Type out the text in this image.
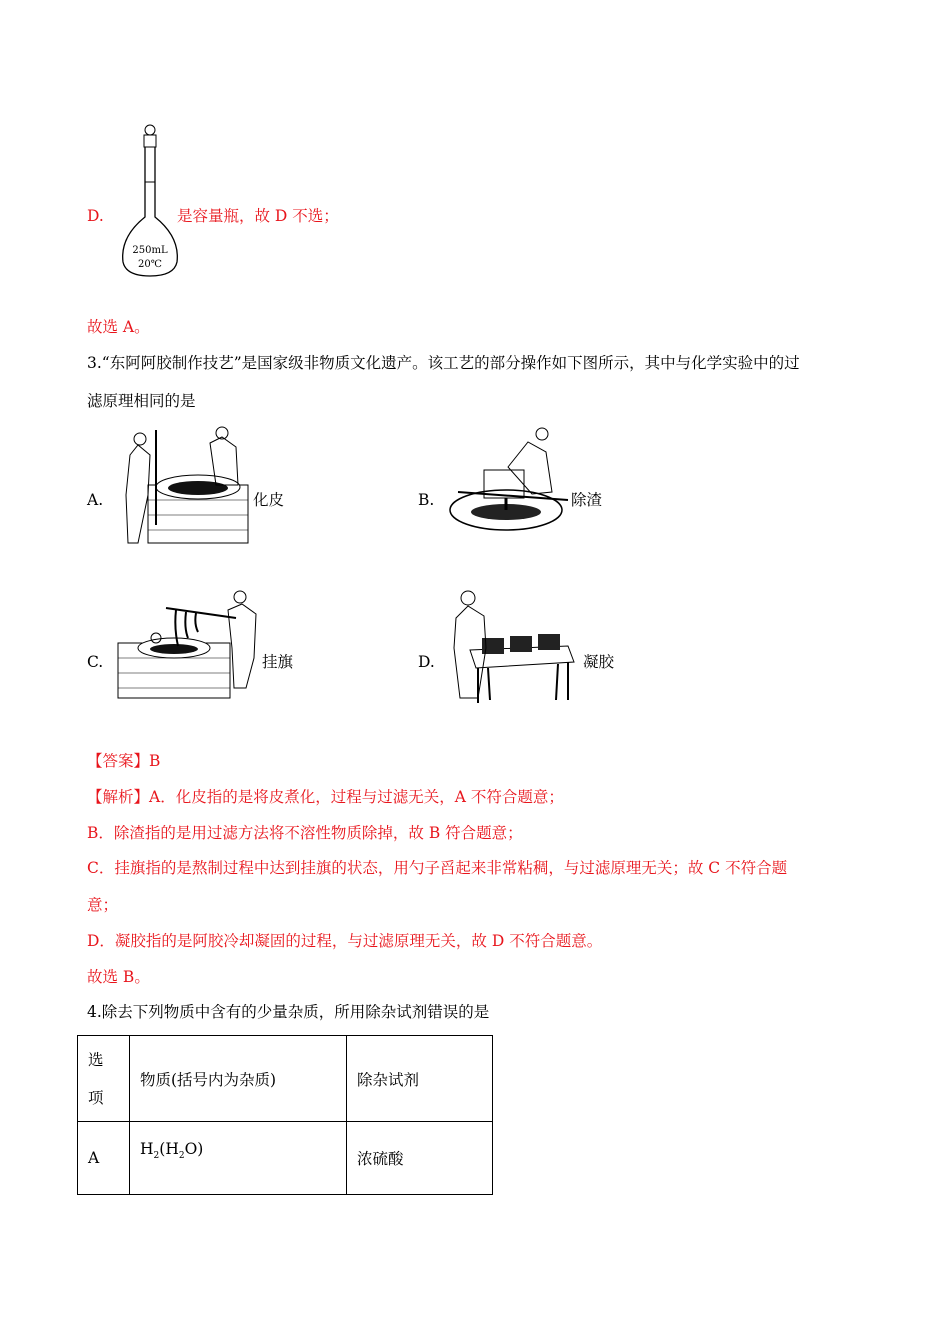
D.
250mL
20℃
是容量瓶，故 D 不选；
故选 A。
3.“东阿阿胶制作技艺”是国家级非物质文化遗产。该工艺的部分操作如下图所示，其中与化学实验中的过
滤原理相同的是
A.	化皮	B.	除渣
C.	挂旗	D.	凝胶
【答案】B
【解析】A．化皮指的是将皮煮化，过程与过滤无关，A 不符合题意；
B．除渣指的是用过滤方法将不溶性物质除掉，故 B 符合题意；
C．挂旗指的是熬制过程中达到挂旗的状态，用勺子舀起来非常粘稠，与过滤原理无关；故 C 不符合题
意；
D．凝胶指的是阿胶冷却凝固的过程，与过滤原理无关，故 D 不符合题意。
故选 B。
4.除去下列物质中含有的少量杂质，所用除杂试剂错误的是
选
项	物质(括号内为杂质)	除杂试剂
A	$H_2(H_2O)$	浓硫酸
